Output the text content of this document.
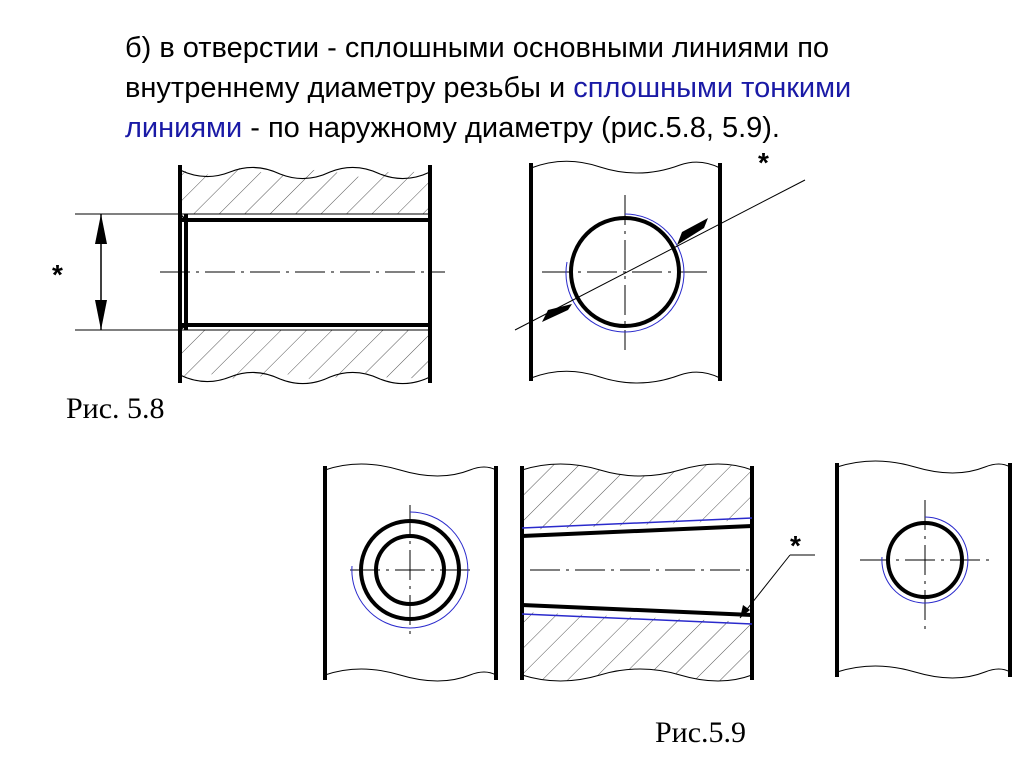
б) в отверстии - сплошными основными линиями по
внутреннему диаметру резьбы и сплошными тонкими
линиями - по наружному диаметру (рис.5.8, 5.9).
*
*
*
Рис. 5.8
Рис.5.9
